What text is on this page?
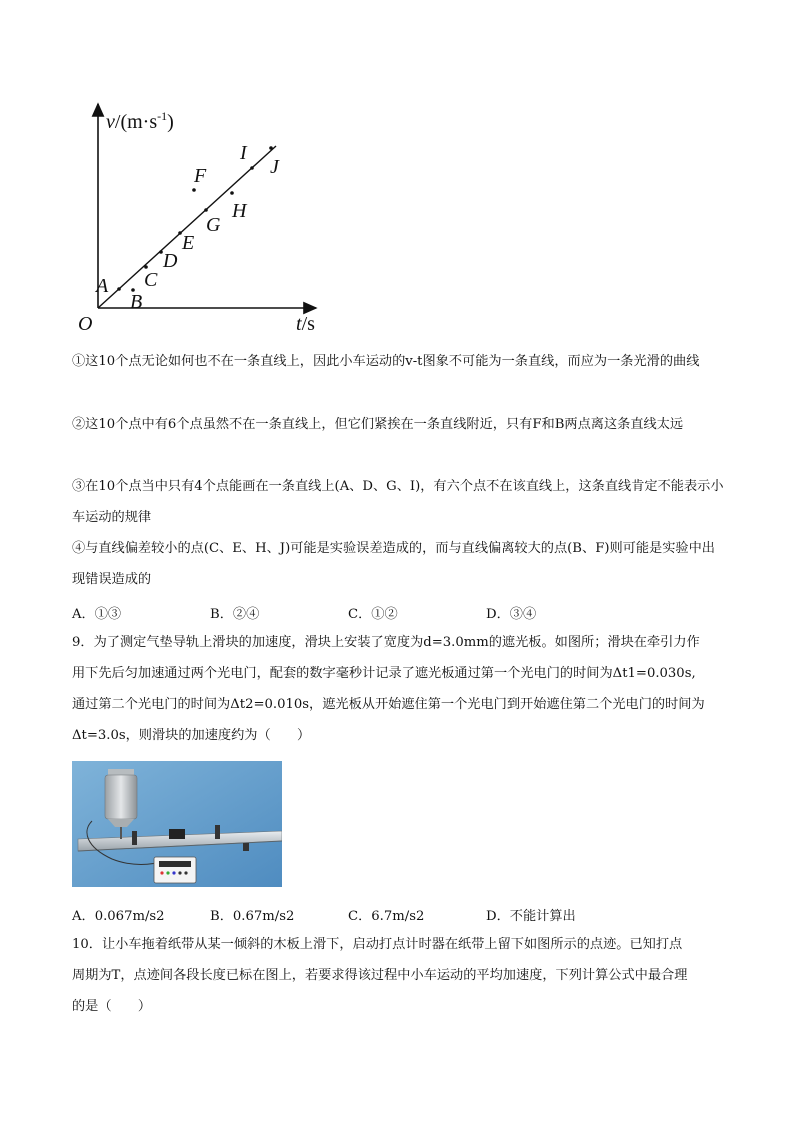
$v/(m\cdot s^{-1})$
t/s
O
A
B
C
D
E
F
G
H
I
J
①这10个点无论如何也不在一条直线上，因此小车运动的v-t图象不可能为一条直线，而应为一条光滑的曲线
②这10个点中有6个点虽然不在一条直线上，但它们紧挨在一条直线附近，只有F和B两点离这条直线太远
③在10个点当中只有4个点能画在一条直线上(A、D、G、I)，有六个点不在该直线上，这条直线肯定不能表示小车运动的规律
④与直线偏差较小的点(C、E、H、J)可能是实验误差造成的，而与直线偏离较大的点(B、F)则可能是实验中出现错误造成的
A．①③	B．②④	C．①②	D．③④
9．为了测定气垫导轨上滑块的加速度，滑块上安装了宽度为d=3.0mm的遮光板。如图所；滑块在牵引力作
用下先后匀加速通过两个光电门，配套的数字毫秒计记录了遮光板通过第一个光电门的时间为Δt1=0.030s,
通过第二个光电门的时间为Δt2=0.010s，遮光板从开始遮住第一个光电门到开始遮住第二个光电门的时间为
Δt=3.0s，则滑块的加速度约为（　　）
A．0.067m/s2	B．0.67m/s2	C．6.7m/s2	D．不能计算出
10．让小车拖着纸带从某一倾斜的木板上滑下，启动打点计时器在纸带上留下如图所示的点迹。已知打点
周期为T，点迹间各段长度已标在图上，若要求得该过程中小车运动的平均加速度，下列计算公式中最合理
的是（　　）
